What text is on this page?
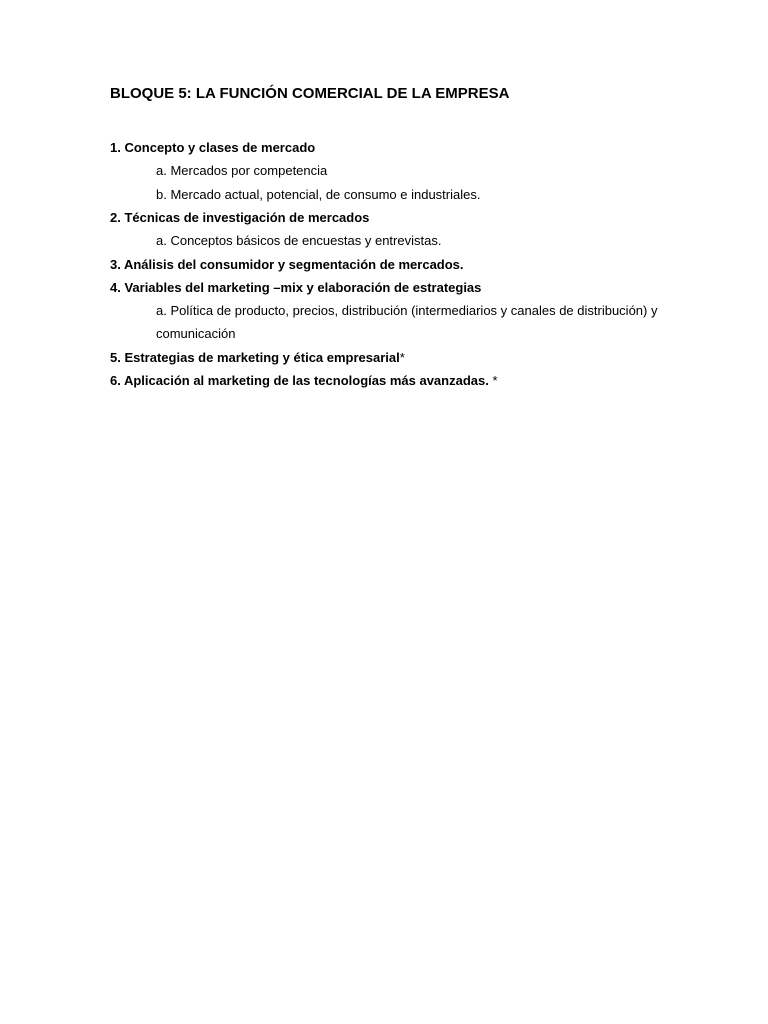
BLOQUE 5: LA FUNCIÓN COMERCIAL DE LA EMPRESA
1. Concepto y clases de mercado
a. Mercados por competencia
b. Mercado actual, potencial, de consumo e industriales.
2. Técnicas de investigación de mercados
a. Conceptos básicos de encuestas y entrevistas.
3. Análisis del consumidor y segmentación de mercados.
4. Variables del marketing –mix y elaboración de estrategias
a. Política de producto, precios, distribución (intermediarios y canales de distribución) y comunicación
5. Estrategias de marketing y ética empresarial*
6. Aplicación al marketing de las tecnologías más avanzadas. *
